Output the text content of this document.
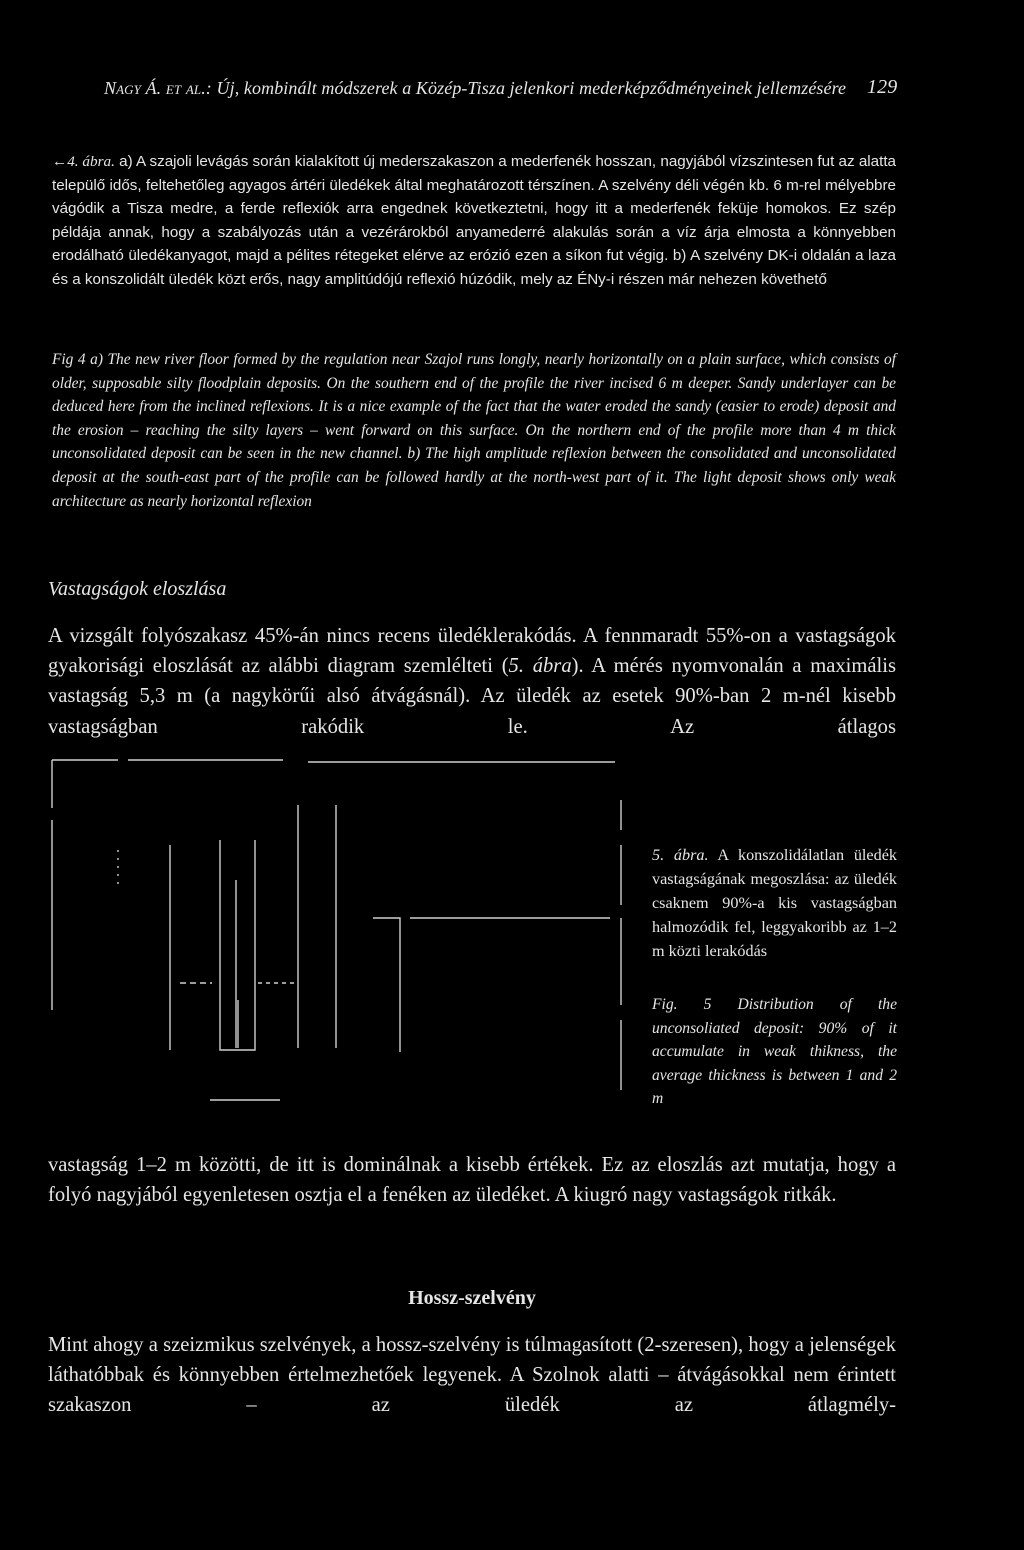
Nagy Á. et al.: Új, kombinált módszerek a Közép-Tisza jelenkori mederképződményeinek jellemzésére 129
←4. ábra. a) A szajoli levágás során kialakított új mederszakaszon a mederfenék hosszan, nagyjából vízszintesen fut az alatta települő idős, feltehetőleg agyagos ártéri üledékek által meghatározott térszínen. A szelvény déli végén kb. 6 m-rel mélyebbre vágódik a Tisza medre, a ferde reflexiók arra engednek következtetni, hogy itt a mederfenék feküje homokos. Ez szép példája annak, hogy a szabályozás után a vezérárokból anyamederré alakulás során a víz árja elmosta a könnyebben erodálható üledékanyagot, majd a pélites rétegeket elérve az erózió ezen a síkon fut végig. b) A szelvény DK-i oldalán a laza és a konszolidált üledék közt erős, nagy amplitúdójú reflexió húzódik, mely az ÉNy-i részen már nehezen követhető
Fig 4 a) The new river floor formed by the regulation near Szajol runs longly, nearly horizontally on a plain surface, which consists of older, supposable silty floodplain deposits. On the southern end of the profile the river incised 6 m deeper. Sandy underlayer can be deduced here from the inclined reflexions. It is a nice example of the fact that the water eroded the sandy (easier to erode) deposit and the erosion – reaching the silty layers – went forward on this surface. On the northern end of the profile more than 4 m thick unconsolidated deposit can be seen in the new channel. b) The high amplitude reflexion between the consolidated and unconsolidated deposit at the south-east part of the profile can be followed hardly at the north-west part of it. The light deposit shows only weak architecture as nearly horizontal reflexion
Vastagságok eloszlása
A vizsgált folyószakasz 45%-án nincs recens üledéklerakódás. A fennmaradt 55%-on a vastagságok gyakorisági eloszlását az alábbi diagram szemlélteti (5. ábra). A mérés nyomvonalán a maximális vastagság 5,3 m (a nagykörűi alsó átvágásnál). Az üledék az esetek 90%-ban 2 m-nél kisebb vastagságban rakódik le. Az átlagos
5. ábra. A konszolidálatlan üledék vastagságának megoszlása: az üledék csaknem 90%-a kis vastagságban halmozódik fel, leggyakoribb az 1–2 m közti lerakódás
Fig. 5 Distribution of the unconsoliated deposit: 90% of it accumulate in weak thikness, the average thickness is between 1 and 2 m
vastagság 1–2 m közötti, de itt is dominálnak a kisebb értékek. Ez az eloszlás azt mutatja, hogy a folyó nagyjából egyenletesen osztja el a fenéken az üledéket. A kiugró nagy vastagságok ritkák.
Hossz-szelvény
Mint ahogy a szeizmikus szelvények, a hossz-szelvény is túlmagasított (2-szeresen), hogy a jelenségek láthatóbbak és könnyebben értelmezhetőek legyenek. A Szolnok alatti – átvágásokkal nem érintett szakaszon – az üledék az átlagmély-
